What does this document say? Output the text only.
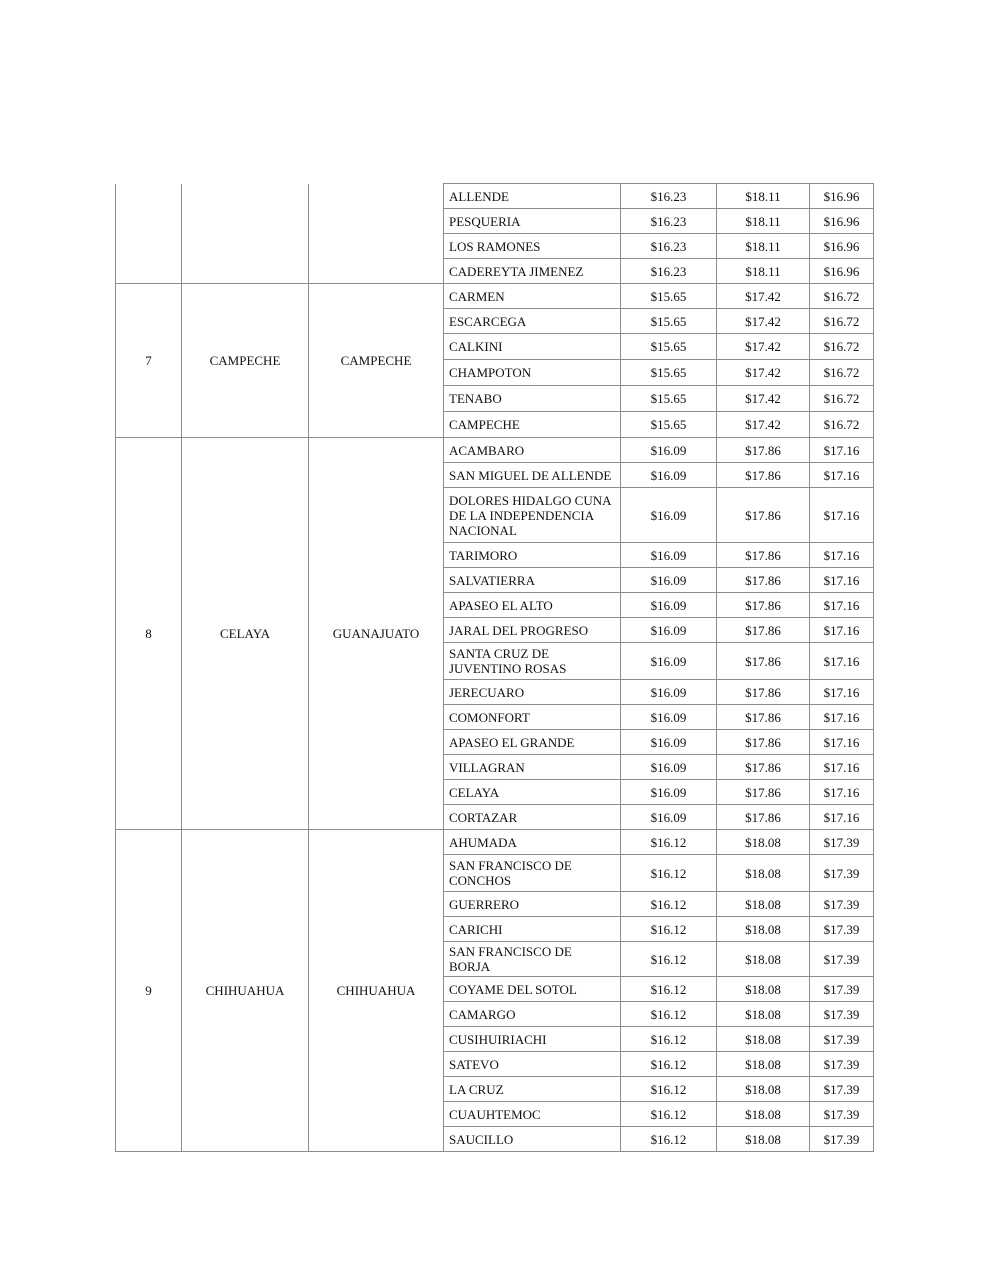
			ALLENDE	$16.23	$18.11	$16.96
			PESQUERIA	$16.23	$18.11	$16.96
			LOS RAMONES	$16.23	$18.11	$16.96
			CADEREYTA JIMENEZ	$16.23	$18.11	$16.96
7	CAMPECHE	CAMPECHE	CARMEN	$15.65	$17.42	$16.72
			ESCARCEGA	$15.65	$17.42	$16.72
			CALKINI	$15.65	$17.42	$16.72
			CHAMPOTON	$15.65	$17.42	$16.72
			TENABO	$15.65	$17.42	$16.72
			CAMPECHE	$15.65	$17.42	$16.72
8	CELAYA	GUANAJUATO	ACAMBARO	$16.09	$17.86	$17.16
			SAN MIGUEL DE ALLENDE	$16.09	$17.86	$17.16
			DOLORES HIDALGO CUNA DE LA INDEPENDENCIA NACIONAL	$16.09	$17.86	$17.16
			TARIMORO	$16.09	$17.86	$17.16
			SALVATIERRA	$16.09	$17.86	$17.16
			APASEO EL ALTO	$16.09	$17.86	$17.16
			JARAL DEL PROGRESO	$16.09	$17.86	$17.16
			SANTA CRUZ DE JUVENTINO ROSAS	$16.09	$17.86	$17.16
			JERECUARO	$16.09	$17.86	$17.16
			COMONFORT	$16.09	$17.86	$17.16
			APASEO EL GRANDE	$16.09	$17.86	$17.16
			VILLAGRAN	$16.09	$17.86	$17.16
			CELAYA	$16.09	$17.86	$17.16
			CORTAZAR	$16.09	$17.86	$17.16
9	CHIHUAHUA	CHIHUAHUA	AHUMADA	$16.12	$18.08	$17.39
			SAN FRANCISCO DE CONCHOS	$16.12	$18.08	$17.39
			GUERRERO	$16.12	$18.08	$17.39
			CARICHI	$16.12	$18.08	$17.39
			SAN FRANCISCO DE BORJA	$16.12	$18.08	$17.39
			COYAME DEL SOTOL	$16.12	$18.08	$17.39
			CAMARGO	$16.12	$18.08	$17.39
			CUSIHUIRIACHI	$16.12	$18.08	$17.39
			SATEVO	$16.12	$18.08	$17.39
			LA CRUZ	$16.12	$18.08	$17.39
			CUAUHTEMOC	$16.12	$18.08	$17.39
			SAUCILLO	$16.12	$18.08	$17.39
